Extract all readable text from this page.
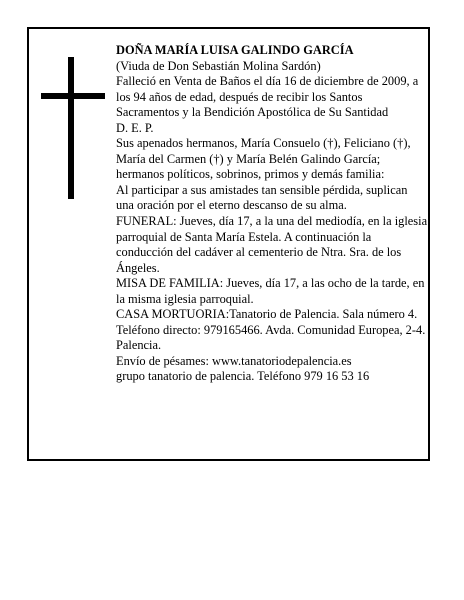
DOÑA MARÍA LUISA GALINDO GARCÍA

(Viuda de Don Sebastián Molina Sardón)

Falleció en Venta de Baños el día 16 de diciembre de 2009, a los 94 años de edad, después de recibir los Santos Sacramentos y la Bendición Apostólica de Su Santidad

D. E. P.

Sus apenados hermanos, María Consuelo (†), Feliciano (†), María del Carmen (†) y María Belén Galindo García; hermanos políticos, sobrinos, primos y demás familia:

Al participar a sus amistades tan sensible pérdida, suplican una oración por el eterno descanso de su alma.

FUNERAL: Jueves, día 17, a la una del mediodía, en la iglesia parroquial de Santa María Estela. A continuación la conducción del cadáver al cementerio de Ntra. Sra. de los Ángeles.

MISA DE FAMILIA: Jueves, día 17, a las ocho de la tarde, en la misma iglesia parroquial.

CASA MORTUORIA:Tanatorio de Palencia. Sala número 4. Teléfono directo: 979165466. Avda. Comunidad Europea, 2-4. Palencia.

Envío de pésames: www.tanatoriodepalencia.es

grupo tanatorio de palencia. Teléfono 979 16 53 16
